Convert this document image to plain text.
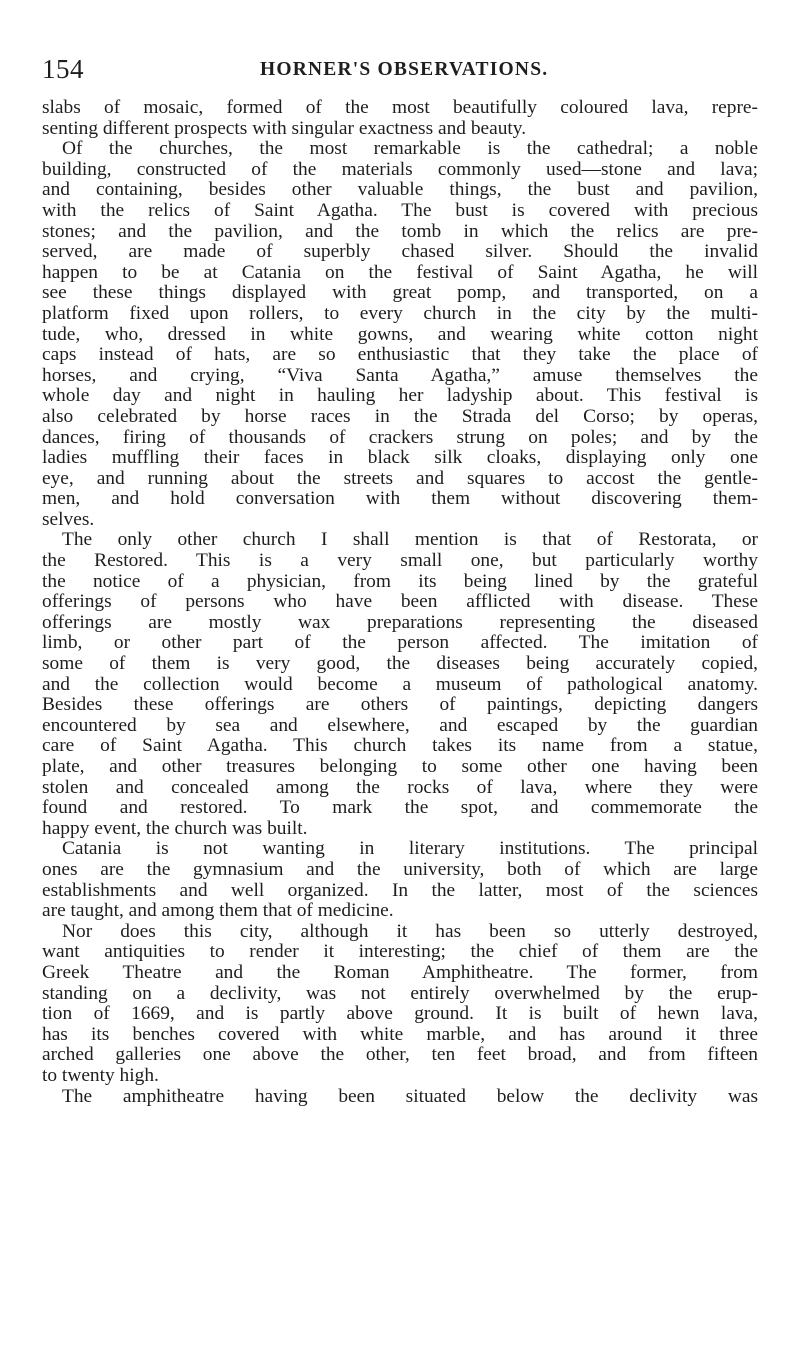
154	HORNER'S OBSERVATIONS.
slabs of mosaic, formed of the most beautifully coloured lava, repre-
senting different prospects with singular exactness and beauty.
Of the churches, the most remarkable is the cathedral; a noble
building, constructed of the materials commonly used—stone and lava;
and containing, besides other valuable things, the bust and pavilion,
with the relics of Saint Agatha. The bust is covered with precious
stones; and the pavilion, and the tomb in which the relics are pre-
served, are made of superbly chased silver. Should the invalid
happen to be at Catania on the festival of Saint Agatha, he will
see these things displayed with great pomp, and transported, on a
platform fixed upon rollers, to every church in the city by the multi-
tude, who, dressed in white gowns, and wearing white cotton night
caps instead of hats, are so enthusiastic that they take the place of
horses, and crying, “Viva Santa Agatha,” amuse themselves the
whole day and night in hauling her ladyship about. This festival is
also celebrated by horse races in the Strada del Corso; by operas,
dances, firing of thousands of crackers strung on poles; and by the
ladies muffling their faces in black silk cloaks, displaying only one
eye, and running about the streets and squares to accost the gentle-
men, and hold conversation with them without discovering them-
selves.
The only other church I shall mention is that of Restorata, or
the Restored. This is a very small one, but particularly worthy
the notice of a physician, from its being lined by the grateful
offerings of persons who have been afflicted with disease. These
offerings are mostly wax preparations representing the diseased
limb, or other part of the person affected. The imitation of
some of them is very good, the diseases being accurately copied,
and the collection would become a museum of pathological anatomy.
Besides these offerings are others of paintings, depicting dangers
encountered by sea and elsewhere, and escaped by the guardian
care of Saint Agatha. This church takes its name from a statue,
plate, and other treasures belonging to some other one having been
stolen and concealed among the rocks of lava, where they were
found and restored. To mark the spot, and commemorate the
happy event, the church was built.
Catania is not wanting in literary institutions. The principal
ones are the gymnasium and the university, both of which are large
establishments and well organized. In the latter, most of the sciences
are taught, and among them that of medicine.
Nor does this city, although it has been so utterly destroyed,
want antiquities to render it interesting; the chief of them are the
Greek Theatre and the Roman Amphitheatre. The former, from
standing on a declivity, was not entirely overwhelmed by the erup-
tion of 1669, and is partly above ground. It is built of hewn lava,
has its benches covered with white marble, and has around it three
arched galleries one above the other, ten feet broad, and from fifteen
to twenty high.
The amphitheatre having been situated below the declivity was
